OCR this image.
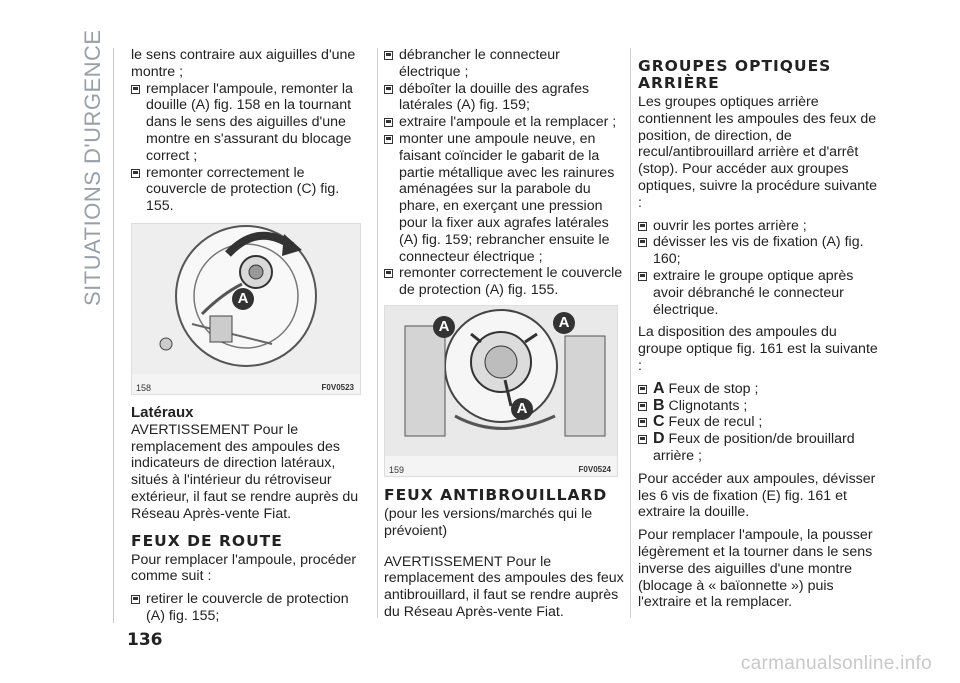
SITUATIONS D'URGENCE le sens contraire aux aiguilles d'une
montre ;
remplacer l'ampoule, remonter la douille (A) fig. 158 en la tournant dans le sens des aiguilles d'une montre en s'assurant du blocage correct ;
remonter correctement le couvercle de protection (C) fig. 155.
A
158	F0V0523
Latéraux

AVERTISSEMENT Pour le remplacement des ampoules des indicateurs de direction latéraux, situés à l'intérieur du rétroviseur extérieur, il faut se rendre auprès du Réseau Après-vente Fiat.

FEUX DE ROUTE

Pour remplacer l'ampoule, procéder comme suit :

retirer le couvercle de protection (A) fig. 155;
débrancher le connecteur électrique ;
déboîter la douille des agrafes latérales (A) fig. 159;
extraire l'ampoule et la remplacer ;
monter une ampoule neuve, en faisant coïncider le gabarit de la partie métallique avec les rainures aménagées sur la parabole du phare, en exerçant une pression pour la fixer aux agrafes latérales (A) fig. 159; rebrancher ensuite le connecteur électrique ;
remonter correctement le couvercle de protection (A) fig. 155.
A	A
A
159	F0V0524
FEUX ANTIBROUILLARD

(pour les versions/marchés qui le prévoient)

AVERTISSEMENT Pour le remplacement des ampoules des feux antibrouillard, il faut se rendre auprès du Réseau Après-vente Fiat.

GROUPES OPTIQUES ARRIÈRE

Les groupes optiques arrière contiennent les ampoules des feux de position, de direction, de recul/antibrouillard arrière et d'arrêt (stop). Pour accéder aux groupes optiques, suivre la procédure suivante :

ouvrir les portes arrière ;
dévisser les vis de fixation (A) fig. 160;
extraire le groupe optique après avoir débranché le connecteur électrique.

La disposition des ampoules du groupe optique fig. 161 est la suivante :

A Feux de stop ;
B Clignotants ;
C Feux de recul ;
D Feux de position/de brouillard arrière ;

Pour accéder aux ampoules, dévisser les 6 vis de fixation (E) fig. 161 et extraire la douille.

Pour remplacer l'ampoule, la pousser légèrement et la tourner dans le sens inverse des aiguilles d'une montre (blocage à « baïonnette ») puis l'extraire et la remplacer.

136
carmanualsonline.info
